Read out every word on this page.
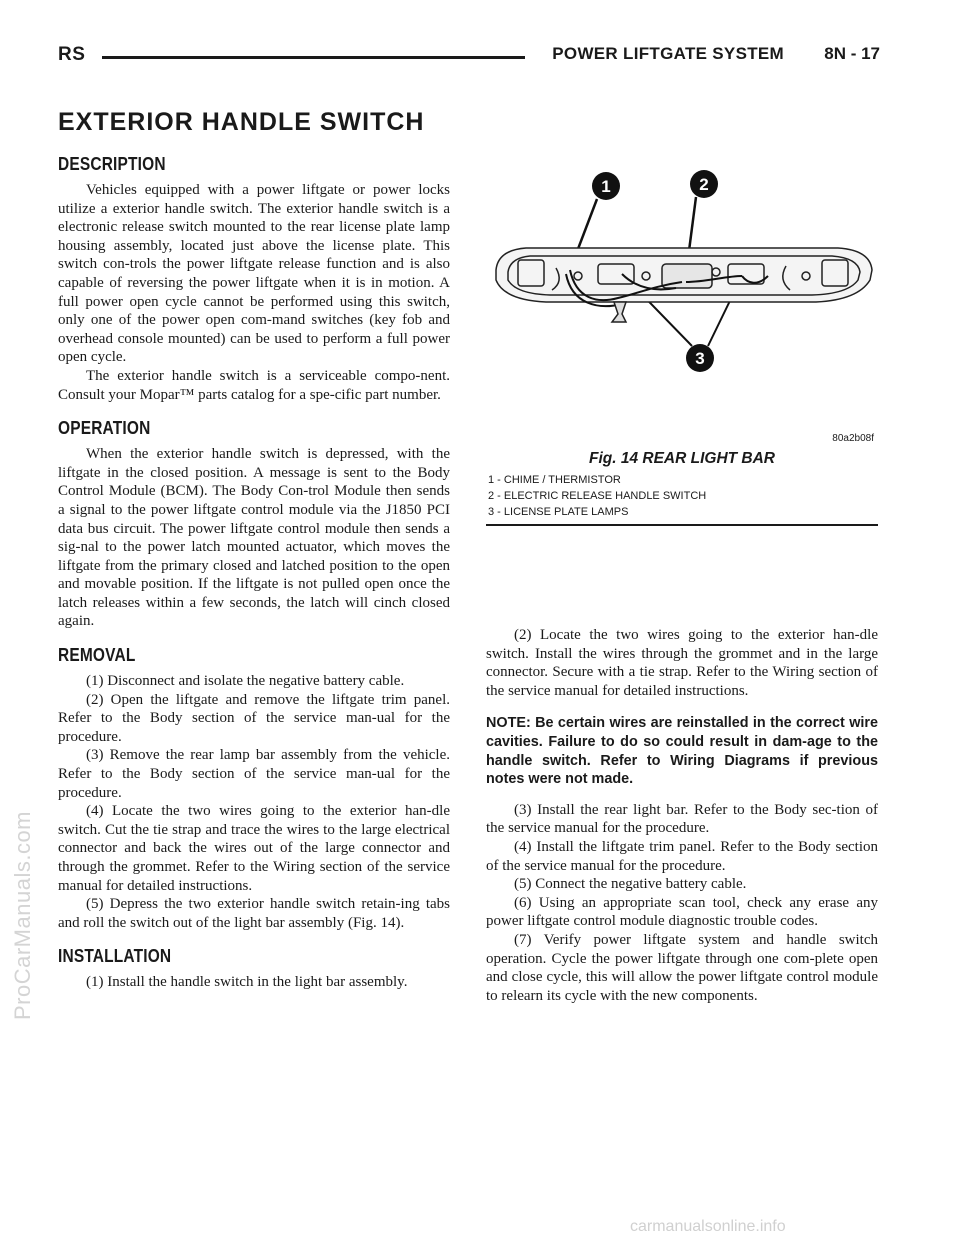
RS	POWER LIFTGATE SYSTEM 8N - 17
EXTERIOR HANDLE SWITCH
DESCRIPTION

Vehicles equipped with a power liftgate or power locks utilize a exterior handle switch. The exterior handle switch is a electronic release switch mounted to the rear license plate lamp housing assembly, located just above the license plate. This switch con-trols the power liftgate release function and is also capable of reversing the power liftgate when it is in motion. A full power open cycle cannot be performed using this switch, only one of the power open com-mand switches (key fob and overhead console mounted) can be used to perform a full power open cycle.

The exterior handle switch is a serviceable compo-nent. Consult your Mopar™ parts catalog for a spe-cific part number.

OPERATION

When the exterior handle switch is depressed, with the liftgate in the closed position. A message is sent to the Body Control Module (BCM). The Body Con-trol Module then sends a signal to the power liftgate control module via the J1850 PCI data bus circuit. The power liftgate control module then sends a sig-nal to the power latch mounted actuator, which moves the liftgate from the primary closed and latched position to the open and movable position. If the liftgate is not pulled open once the latch releases within a few seconds, the latch will cinch closed again.

REMOVAL

(1) Disconnect and isolate the negative battery cable.

(2) Open the liftgate and remove the liftgate trim panel. Refer to the Body section of the service man-ual for the procedure.

(3) Remove the rear lamp bar assembly from the vehicle. Refer to the Body section of the service man-ual for the procedure.

(4) Locate the two wires going to the exterior han-dle switch. Cut the tie strap and trace the wires to the large electrical connector and back the wires out of the large connector and through the grommet. Refer to the Wiring section of the service manual for detailed instructions.

(5) Depress the two exterior handle switch retain-ing tabs and roll the switch out of the light bar assembly (Fig. 14).

INSTALLATION

(1) Install the handle switch in the light bar assembly.

1	2
3
80a2b08f
Fig. 14 REAR LIGHT BAR
1 - CHIME / THERMISTOR
2 - ELECTRIC RELEASE HANDLE SWITCH
3 - LICENSE PLATE LAMPS

(2) Locate the two wires going to the exterior han-dle switch. Install the wires through the grommet and in the large connector. Secure with a tie strap. Refer to the Wiring section of the service manual for detailed instructions.

NOTE: Be certain wires are reinstalled in the correct wire cavities. Failure to do so could result in dam-age to the handle switch. Refer to Wiring Diagrams if previous notes were not made.

(3) Install the rear light bar. Refer to the Body sec-tion of the service manual for the procedure.

(4) Install the liftgate trim panel. Refer to the Body section of the service manual for the procedure.

(5) Connect the negative battery cable.

(6) Using an appropriate scan tool, check any erase any power liftgate control module diagnostic trouble codes.

(7) Verify power liftgate system and handle switch operation. Cycle the power liftgate through one com-plete open and close cycle, this will allow the power liftgate control module to relearn its cycle with the new components.

ProCarManuals.com
carmanualsonline.info
